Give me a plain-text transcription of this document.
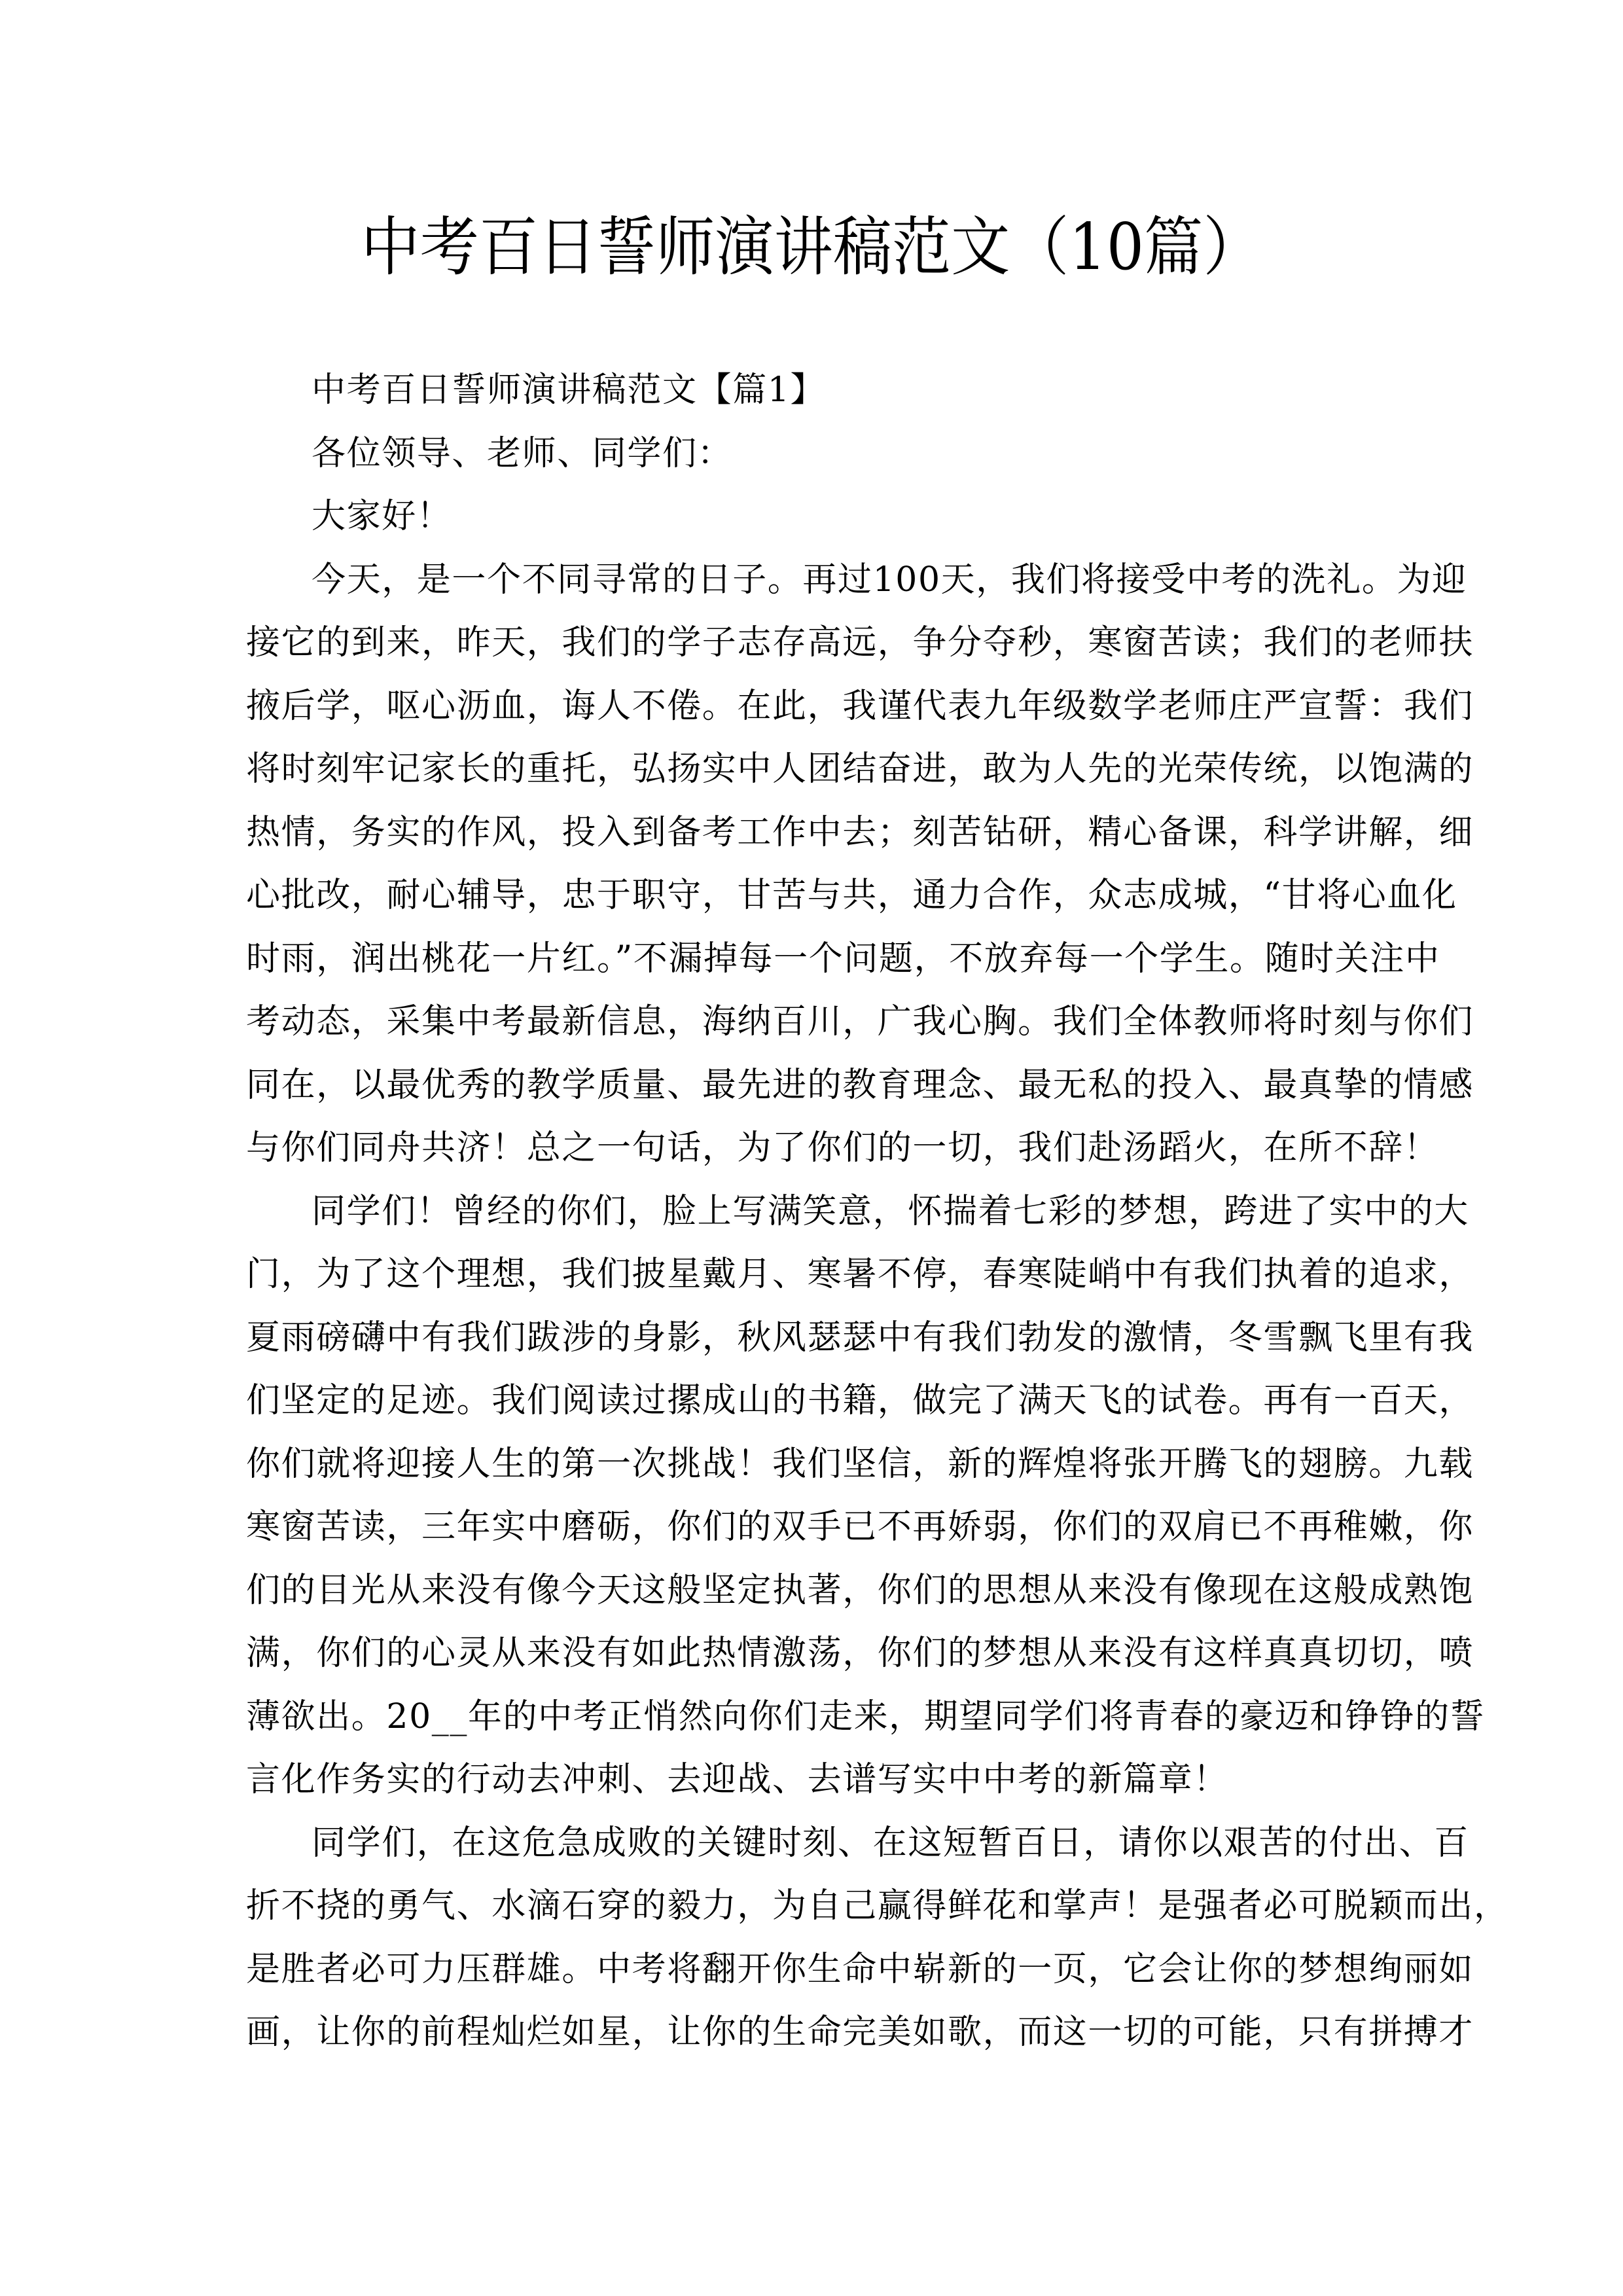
中考百日誓师演讲稿范文（10篇）
中考百日誓师演讲稿范文【篇1】
各位领导、老师、同学们：
大家好！
今天，是一个不同寻常的日子。再过100天，我们将接受中考的洗礼。为迎
接它的到来，昨天，我们的学子志存高远，争分夺秒，寒窗苦读；我们的老师扶
掖后学，呕心沥血，诲人不倦。在此，我谨代表九年级数学老师庄严宣誓：我们
将时刻牢记家长的重托，弘扬实中人团结奋进，敢为人先的光荣传统，以饱满的
热情，务实的作风，投入到备考工作中去；刻苦钻研，精心备课，科学讲解，细
心批改，耐心辅导，忠于职守，甘苦与共，通力合作，众志成城，“甘将心血化
时雨，润出桃花一片红。”不漏掉每一个问题，不放弃每一个学生。随时关注中
考动态，采集中考最新信息，海纳百川，广我心胸。我们全体教师将时刻与你们
同在，以最优秀的教学质量、最先进的教育理念、最无私的投入、最真挚的情感
与你们同舟共济！总之一句话，为了你们的一切，我们赴汤蹈火，在所不辞！
同学们！曾经的你们，脸上写满笑意，怀揣着七彩的梦想，跨进了实中的大
门，为了这个理想，我们披星戴月、寒暑不停，春寒陡峭中有我们执着的追求，
夏雨磅礴中有我们跋涉的身影，秋风瑟瑟中有我们勃发的激情，冬雪飘飞里有我
们坚定的足迹。我们阅读过摞成山的书籍，做完了满天飞的试卷。再有一百天，
你们就将迎接人生的第一次挑战！我们坚信，新的辉煌将张开腾飞的翅膀。九载
寒窗苦读，三年实中磨砺，你们的双手已不再娇弱，你们的双肩已不再稚嫩，你
们的目光从来没有像今天这般坚定执著，你们的思想从来没有像现在这般成熟饱
满，你们的心灵从来没有如此热情激荡，你们的梦想从来没有这样真真切切，喷
薄欲出。20__年的中考正悄然向你们走来，期望同学们将青春的豪迈和铮铮的誓
言化作务实的行动去冲刺、去迎战、去谱写实中中考的新篇章！
同学们，在这危急成败的关键时刻、在这短暂百日，请你以艰苦的付出、百
折不挠的勇气、水滴石穿的毅力，为自己赢得鲜花和掌声！是强者必可脱颖而出，
是胜者必可力压群雄。中考将翻开你生命中崭新的一页，它会让你的梦想绚丽如
画，让你的前程灿烂如星，让你的生命完美如歌，而这一切的可能，只有拼搏才
